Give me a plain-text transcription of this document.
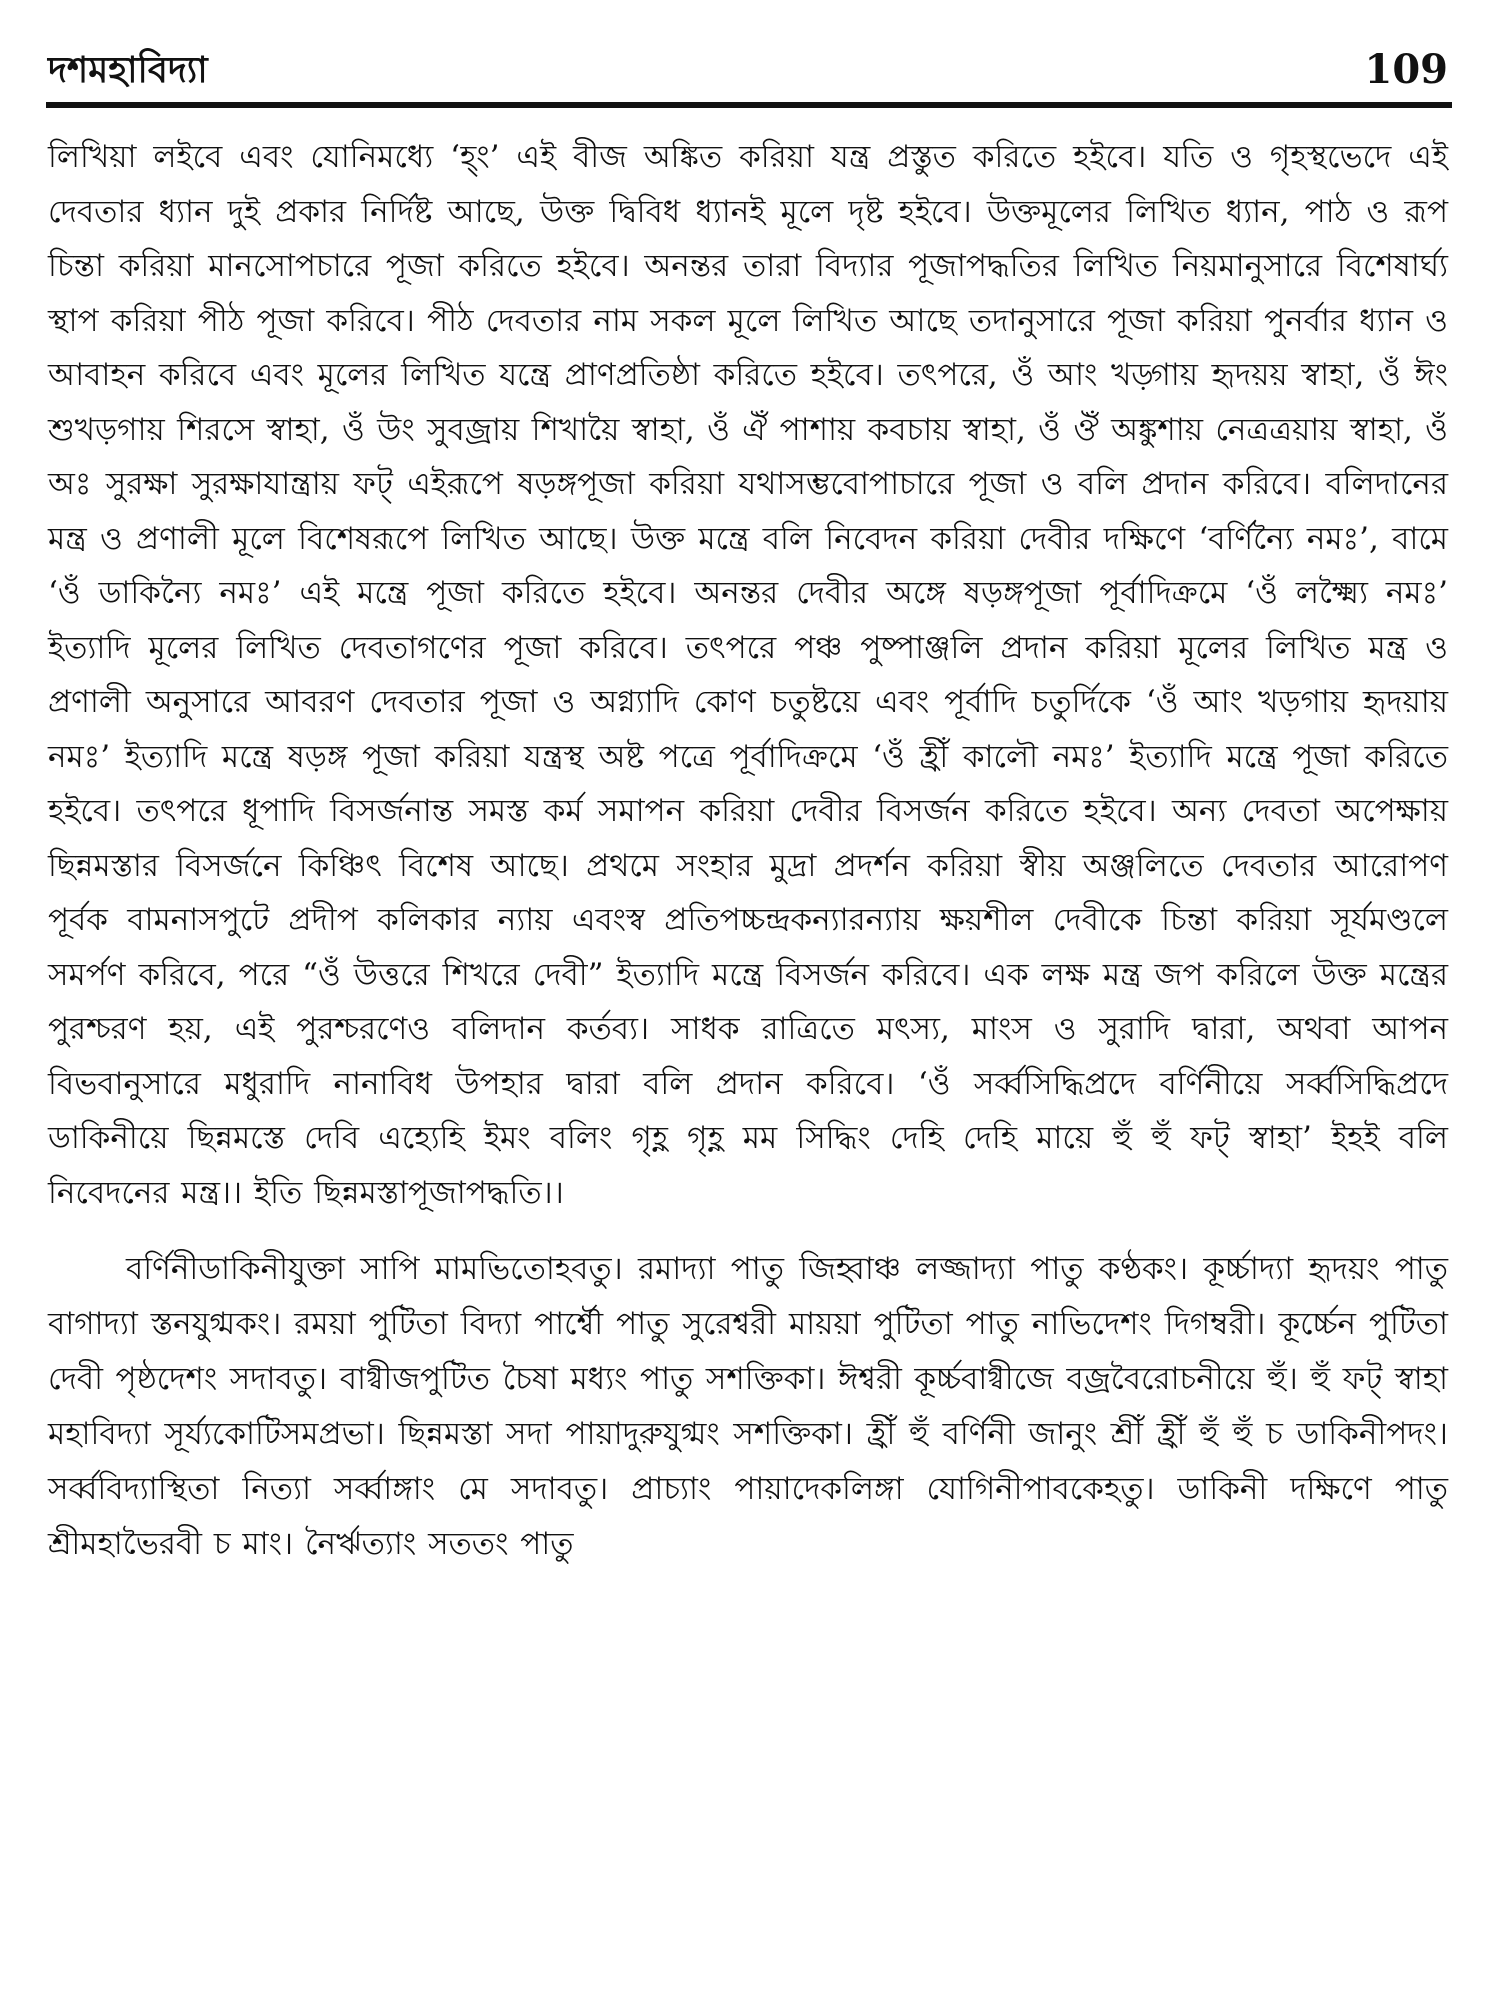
দশমহাবিদ্যা	109

লিখিয়া লইবে এবং যোনিমধ্যে ‘হ্ং’ এই বীজ অঙ্কিত করিয়া যন্ত্র প্রস্তুত করিতে হইবে। যতি ও গৃহস্থভেদে এই দেবতার ধ্যান দুই প্রকার নির্দিষ্ট আছে, উক্ত দ্বিবিধ ধ্যানই মূলে দৃষ্ট হইবে। উক্তমূলের লিখিত ধ্যান, পাঠ ও রূপ চিন্তা করিয়া মানসোপচারে পূজা করিতে হইবে। অনন্তর তারা বিদ্যার পূজাপদ্ধতির লিখিত নিয়মানুসারে বিশেষার্ঘ্য স্থাপ করিয়া পীঠ পূজা করিবে। পীঠ দেবতার নাম সকল মূলে লিখিত আছে তদানুসারে পূজা করিয়া পুনর্বার ধ্যান ও আবাহন করিবে এবং মূলের লিখিত যন্ত্রে প্রাণপ্রতিষ্ঠা করিতে হইবে। তৎপরে, ওঁ আং খড়্গায় হৃদয়য় স্বাহা, ওঁ ঈং শুখড়গায় শিরসে স্বাহা, ওঁ উং সুবজ্রায় শিখায়ৈ স্বাহা, ওঁ ঐঁ পাশায় কবচায় স্বাহা, ওঁ ঔঁ অঙ্কুশায় নেত্রত্রয়ায় স্বাহা, ওঁ অঃ সুরক্ষা সুরক্ষাযান্ত্রায় ফট্ এইরূপে ষড়ঙ্গপূজা করিয়া যথাসম্ভবোপাচারে পূজা ও বলি প্রদান করিবে। বলিদানের মন্ত্র ও প্রণালী মূলে বিশেষরূপে লিখিত আছে। উক্ত মন্ত্রে বলি নিবেদন করিয়া দেবীর দক্ষিণে ‘বর্ণিন্যৈ নমঃ’, বামে ‘ওঁ ডাকিন্যৈ নমঃ’ এই মন্ত্রে পূজা করিতে হইবে। অনন্তর দেবীর অঙ্গে ষড়ঙ্গপূজা পূর্বাদিক্রমে ‘ওঁ লক্ষ্ম্যৈ নমঃ’ ইত্যাদি মূলের লিখিত দেবতাগণের পূজা করিবে। তৎপরে পঞ্চ পুষ্পাঞ্জলি প্রদান করিয়া মূলের লিখিত মন্ত্র ও প্রণালী অনুসারে আবরণ দেবতার পূজা ও অগ্ন্যাদি কোণ চতুষ্টয়ে এবং পূর্বাদি চতুর্দিকে ‘ওঁ আং খড়গায় হৃদয়ায় নমঃ’ ইত্যাদি মন্ত্রে ষড়ঙ্গ পূজা করিয়া যন্ত্রস্থ অষ্ট পত্রে পূর্বাদিক্রমে ‘ওঁ হ্রীঁ কালৌ নমঃ’ ইত্যাদি মন্ত্রে পূজা করিতে হইবে। তৎপরে ধূপাদি বিসর্জনান্ত সমস্ত কর্ম সমাপন করিয়া দেবীর বিসর্জন করিতে হইবে। অন্য দেবতা অপেক্ষায় ছিন্নমস্তার বিসর্জনে কিঞ্চিৎ বিশেষ আছে। প্রথমে সংহার মুদ্রা প্রদর্শন করিয়া স্বীয় অঞ্জলিতে দেবতার আরোপণ পূর্বক বামনাসপুটে প্রদীপ কলিকার ন্যায় এবংস্ব প্রতিপচ্চন্দ্রকন্যারন্যায় ক্ষয়শীল দেবীকে চিন্তা করিয়া সূর্যমণ্ডলে সমর্পণ করিবে, পরে “ওঁ উত্তরে শিখরে দেবী” ইত্যাদি মন্ত্রে বিসর্জন করিবে। এক লক্ষ মন্ত্র জপ করিলে উক্ত মন্ত্রের পুরশ্চরণ হয়, এই পুরশ্চরণেও বলিদান কর্তব্য। সাধক রাত্রিতে মৎস্য, মাংস ও সুরাদি দ্বারা, অথবা আপন বিভবানুসারে মধুরাদি নানাবিধ উপহার দ্বারা বলি প্রদান করিবে। ‘ওঁ সর্ব্বসিদ্ধিপ্রদে বর্ণিনীয়ে সর্ব্বসিদ্ধিপ্রদে ডাকিনীয়ে ছিন্নমস্তে দেবি এহ্যেহি ইমং বলিং গৃহ্ণ গৃহ্ণ মম সিদ্ধিং দেহি দেহি মায়ে হুঁ হুঁ ফট্ স্বাহা’ ইহই বলি নিবেদনের মন্ত্র।। ইতি ছিন্নমস্তাপূজাপদ্ধতি।।

বর্ণিনীডাকিনীযুক্তা সাপি মামভিতোহবতু। রমাদ্যা পাতু জিহ্বাঞ্চ লজ্জাদ্যা পাতু কণ্ঠকং। কূর্চ্চাদ্যা হৃদয়ং পাতু বাগাদ্যা স্তনযুগ্মকং। রময়া পুটিতা বিদ্যা পার্শ্বৌ পাতু সুরেশ্বরী মায়য়া পুটিতা পাতু নাভিদেশং দিগম্বরী। কূর্চ্চেন পুটিতা দেবী পৃষ্ঠদেশং সদাবতু। বাগ্বীজপুটিত চৈষা মধ্যং পাতু সশক্তিকা। ঈশ্বরী কূর্চ্চবাগ্বীজে বজ্রবৈরোচনীয়ে হুঁ। হুঁ ফট্ স্বাহা মহাবিদ্যা সূর্য্যকোটিসমপ্রভা। ছিন্নমস্তা সদা পায়াদুরুযুগ্মং সশক্তিকা। হ্রীঁ হুঁ বর্ণিনী জানুং শ্রীঁ হ্রীঁ হুঁ হুঁ চ ডাকিনীপদং। সর্ব্ববিদ্যাস্থিতা নিত্যা সর্ব্বাঙ্গাং মে সদাবতু। প্রাচ্যাং পায়াদেকলিঙ্গা যোগিনীপাবকেহতু। ডাকিনী দক্ষিণে পাতু শ্রীমহাভৈরবী চ মাং। নৈর্ঋত্যাং সততং পাতু
